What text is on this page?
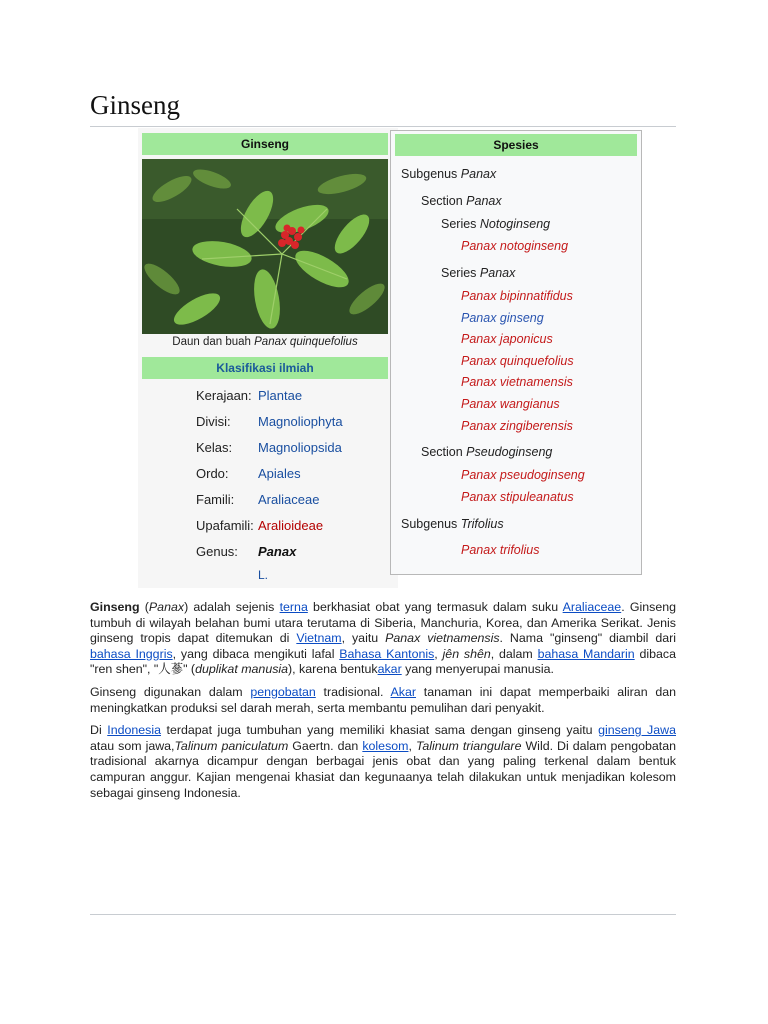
Ginseng
Ginseng
Daun dan buah Panax quinquefolius
Klasifikasi ilmiah
Kerajaan: Plantae
Divisi: Magnoliophyta
Kelas: Magnoliopsida
Ordo: Apiales
Famili: Araliaceae
Upafamili: Aralioideae
Genus: Panax
L.
Spesies
Subgenus Panax
Section Panax
Series Notoginseng
Panax notoginseng
Series Panax
Panax bipinnatifidus
Panax ginseng
Panax japonicus
Panax quinquefolius
Panax vietnamensis
Panax wangianus
Panax zingiberensis
Section Pseudoginseng
Panax pseudoginseng
Panax stipuleanatus
Subgenus Trifolius
Panax trifolius

Ginseng (Panax) adalah sejenis terna berkhasiat obat yang termasuk dalam suku Araliaceae. Ginseng tumbuh di wilayah belahan bumi utara terutama di Siberia, Manchuria, Korea, dan Amerika Serikat. Jenis ginseng tropis dapat ditemukan di Vietnam, yaitu Panax vietnamensis. Nama "ginseng" diambil dari bahasa Inggris, yang dibaca mengikuti lafal Bahasa Kantonis, jên shên, dalam bahasa Mandarin dibaca "ren shen", "人蔘" (duplikat manusia), karena bentukakar yang menyerupai manusia.

Ginseng digunakan dalam pengobatan tradisional. Akar tanaman ini dapat memperbaiki aliran dan meningkatkan produksi sel darah merah, serta membantu pemulihan dari penyakit.

Di Indonesia terdapat juga tumbuhan yang memiliki khasiat sama dengan ginseng yaitu ginseng Jawa atau som jawa,Talinum paniculatum Gaertn. dan kolesom, Talinum triangulare Wild. Di dalam pengobatan tradisional akarnya dicampur dengan berbagai jenis obat dan yang paling terkenal dalam bentuk campuran anggur. Kajian mengenai khasiat dan kegunaanya telah dilakukan untuk menjadikan kolesom sebagai ginseng Indonesia.
